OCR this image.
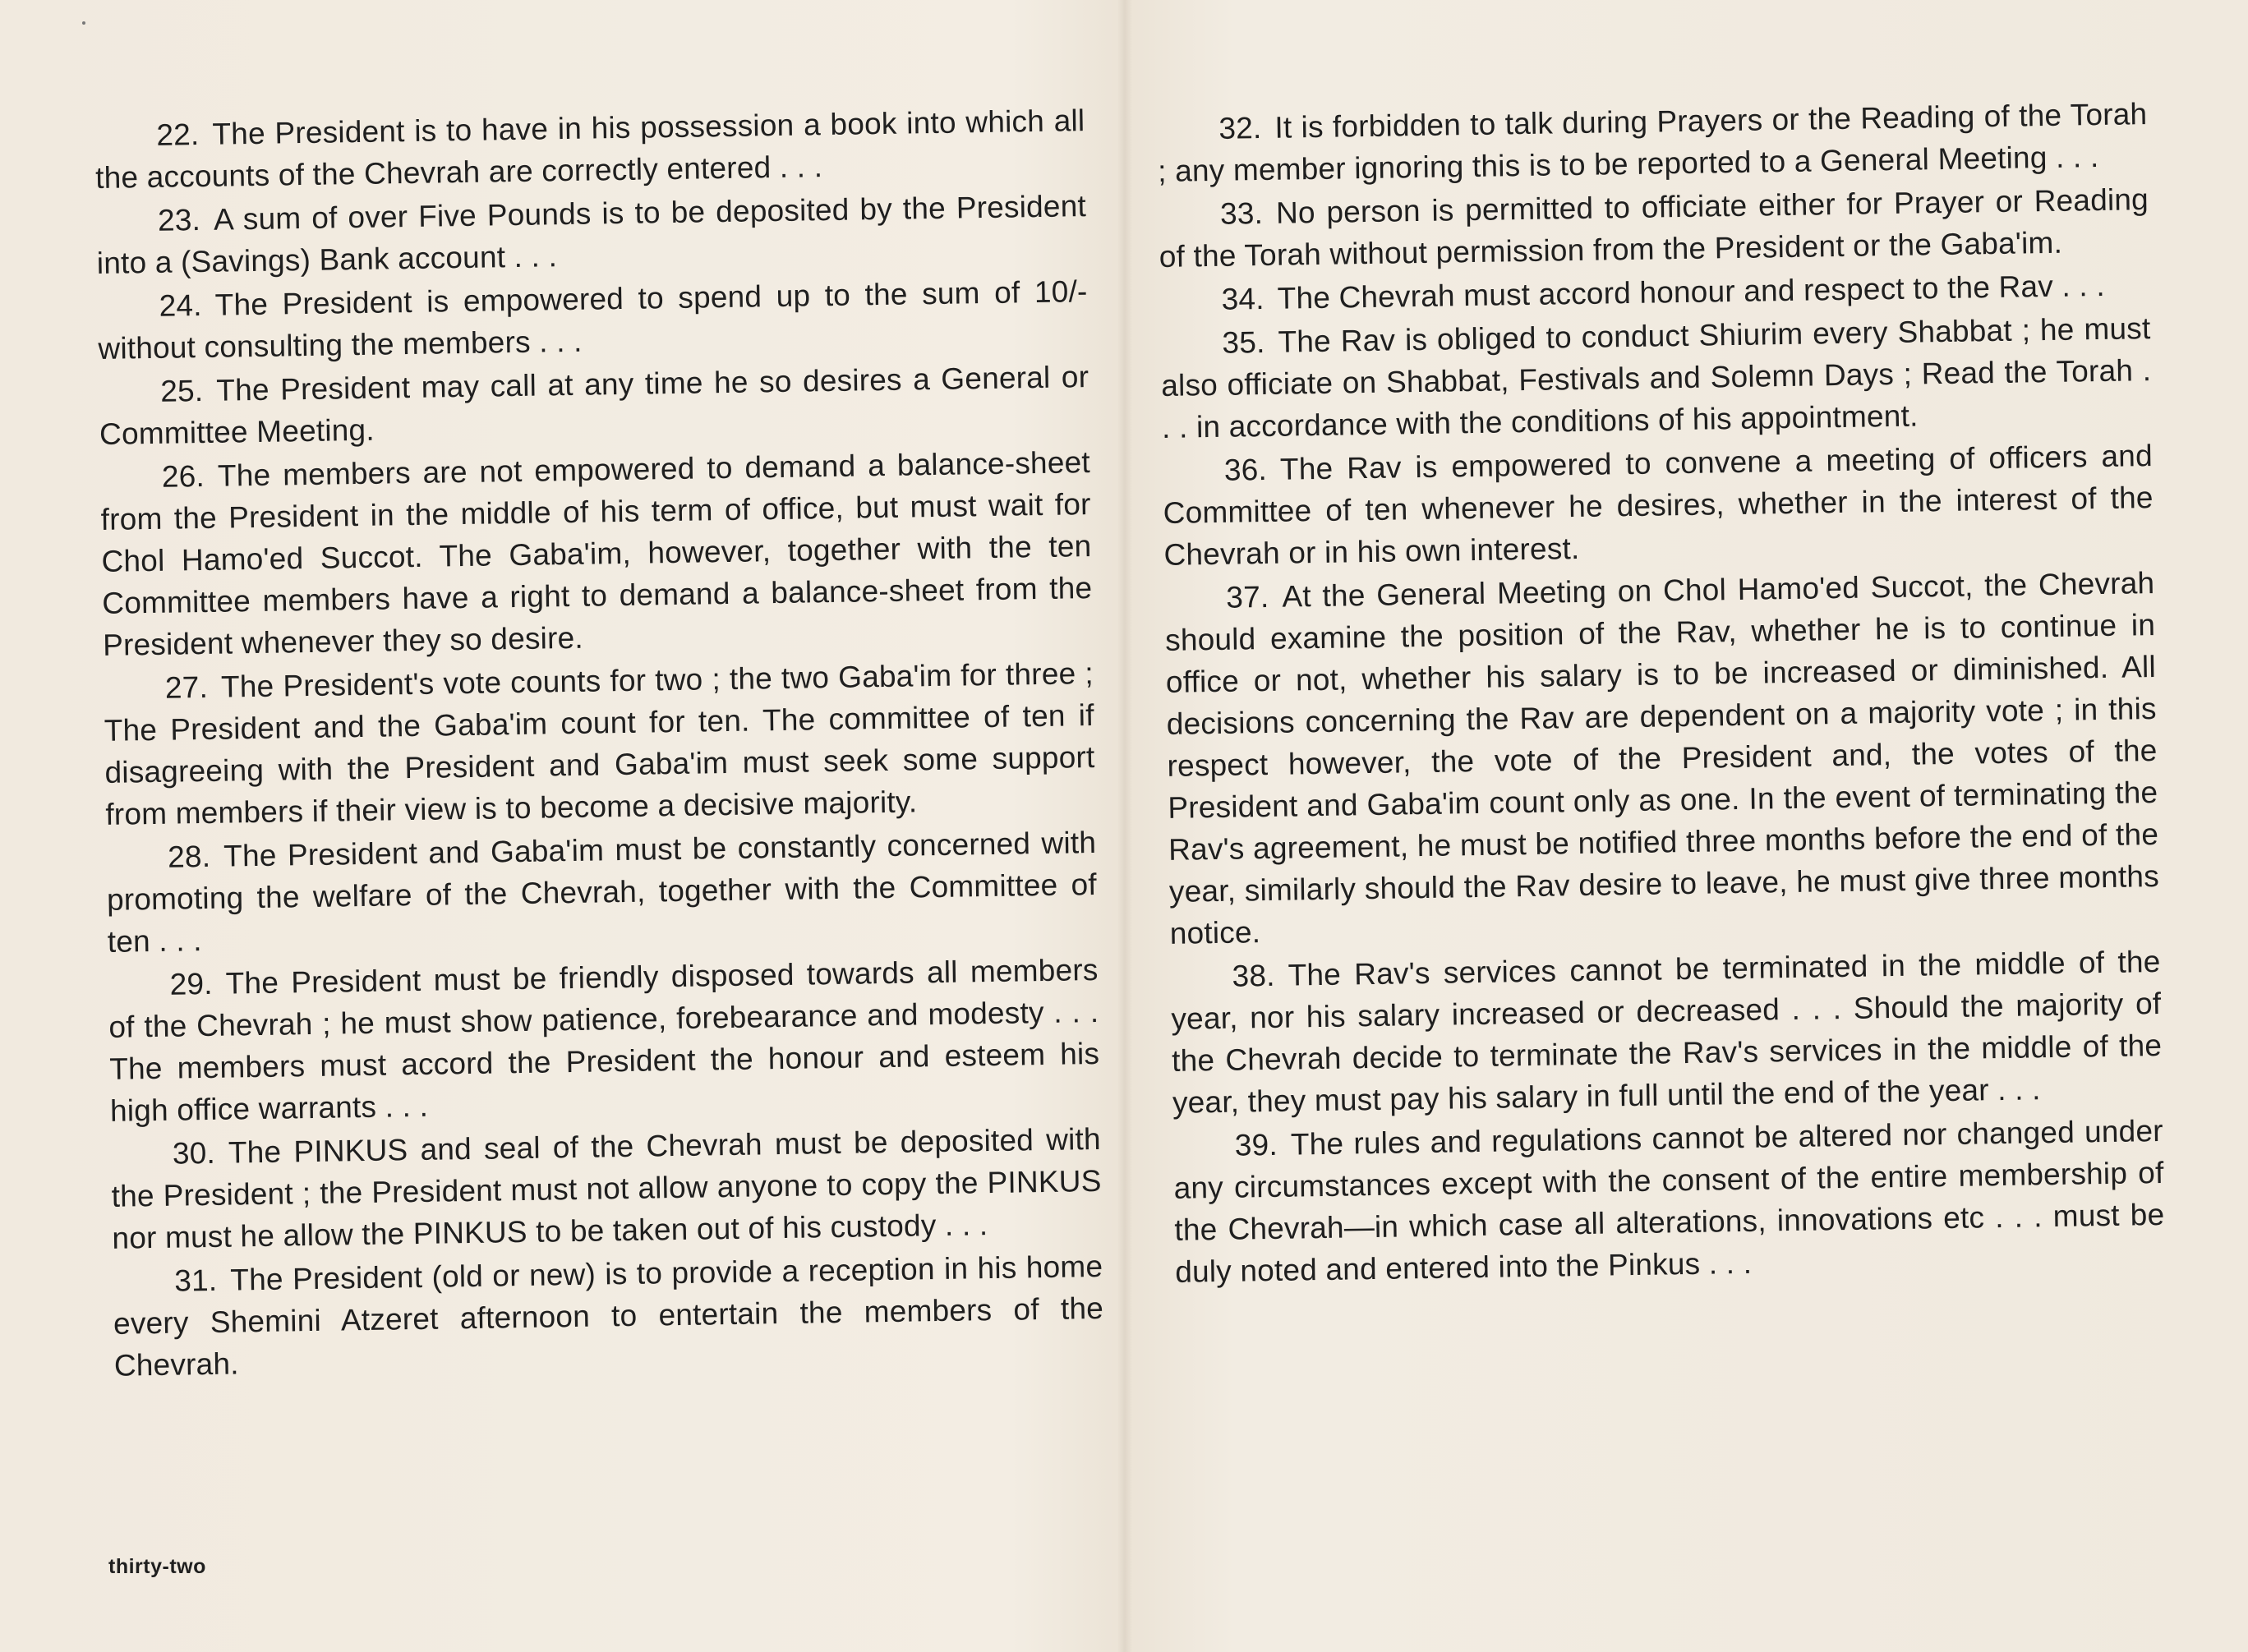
22. The President is to have in his possession a book into which all the accounts of the Chevrah are correctly entered . . .

23. A sum of over Five Pounds is to be deposited by the President into a (Savings) Bank account . . .

24. The President is empowered to spend up to the sum of 10/- without consulting the members . . .

25. The President may call at any time he so desires a General or Committee Meeting.

26. The members are not empowered to demand a balance-sheet from the President in the middle of his term of office, but must wait for Chol Hamo'ed Succot. The Gaba'im, however, together with the ten Committee members have a right to demand a balance-sheet from the President whenever they so desire.

27. The President's vote counts for two ; the two Gaba'im for three ; The President and the Gaba'im count for ten. The committee of ten if disagreeing with the President and Gaba'im must seek some support from members if their view is to become a decisive majority.

28. The President and Gaba'im must be constantly concerned with promoting the welfare of the Chevrah, together with the Committee of ten . . .

29. The President must be friendly disposed towards all members of the Chevrah ; he must show patience, forebearance and modesty . . . The members must accord the President the honour and esteem his high office warrants . . .

30. The PINKUS and seal of the Chevrah must be deposited with the President ; the President must not allow anyone to copy the PINKUS nor must he allow the PINKUS to be taken out of his custody . . .

31. The President (old or new) is to provide a reception in his home every Shemini Atzeret afternoon to entertain the members of the Chevrah.

32. It is forbidden to talk during Prayers or the Reading of the Torah ; any member ignoring this is to be reported to a General Meeting . . .

33. No person is permitted to officiate either for Prayer or Reading of the Torah without permission from the President or the Gaba'im.

34. The Chevrah must accord honour and respect to the Rav . . .

35. The Rav is obliged to conduct Shiurim every Shabbat ; he must also officiate on Shabbat, Festivals and Solemn Days ; Read the Torah . . . in accordance with the conditions of his appointment.

36. The Rav is empowered to convene a meeting of officers and Committee of ten whenever he desires, whether in the interest of the Chevrah or in his own interest.

37. At the General Meeting on Chol Hamo'ed Succot, the Chevrah should examine the position of the Rav, whether he is to continue in office or not, whether his salary is to be increased or diminished. All decisions concerning the Rav are dependent on a majority vote ; in this respect however, the vote of the President and, the votes of the President and Gaba'im count only as one. In the event of terminating the Rav's agreement, he must be notified three months before the end of the year, similarly should the Rav desire to leave, he must give three months notice.

38. The Rav's services cannot be terminated in the middle of the year, nor his salary increased or decreased . . . Should the majority of the Chevrah decide to terminate the Rav's services in the middle of the year, they must pay his salary in full until the end of the year . . .

39. The rules and regulations cannot be altered nor changed under any circumstances except with the consent of the entire membership of the Chevrah—in which case all alterations, innovations etc . . . must be duly noted and entered into the Pinkus . . .

thirty-two
